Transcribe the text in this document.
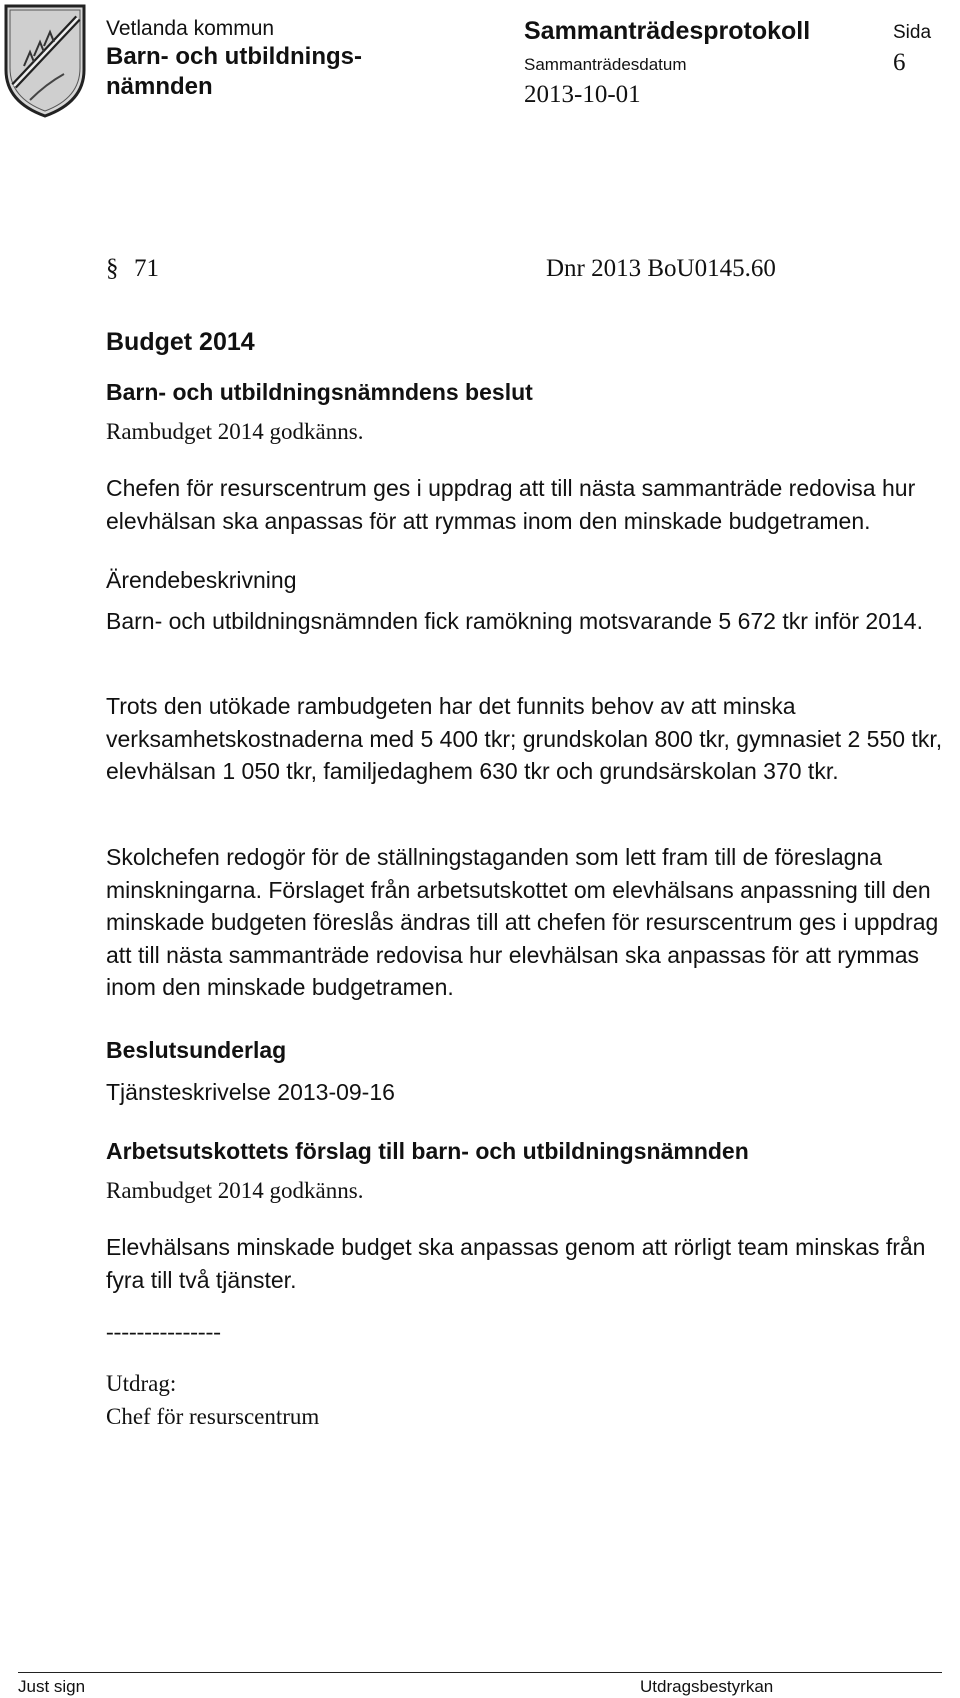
Vetlanda kommun
Barn- och utbildnings-nämnden
Sammanträdesprotokoll	Sida
6
Sammanträdesdatum
2013-10-01
§ 71	Dnr 2013 BoU0145.60
Budget 2014
Barn- och utbildningsnämndens beslut

Rambudget 2014 godkänns.

Chefen för resurscentrum ges i uppdrag att till nästa sammanträde redovisa hur elevhälsan ska anpassas för att rymmas inom den minskade budgetramen.

Ärendebeskrivning

Barn- och utbildningsnämnden fick ramökning motsvarande 5 672 tkr inför 2014.

Trots den utökade rambudgeten har det funnits behov av att minska verksamhetskostnaderna med 5 400 tkr; grundskolan 800 tkr, gymnasiet 2 550 tkr, elevhälsan 1 050 tkr, familjedaghem 630 tkr och grundsärskolan 370 tkr.

Skolchefen redogör för de ställningstaganden som lett fram till de föreslagna minskningarna. Förslaget från arbetsutskottet om elevhälsans anpassning till den minskade budgeten föreslås ändras till att chefen för resurscentrum ges i uppdrag att till nästa sammanträde redovisa hur elevhälsan ska anpassas för att rymmas inom den minskade budgetramen.

Beslutsunderlag
Tjänsteskrivelse 2013-09-16
Arbetsutskottets förslag till barn- och utbildningsnämnden
Rambudget 2014 godkänns.

Elevhälsans minskade budget ska anpassas genom att rörligt team minskas från fyra till två tjänster.

---------------
Utdrag:
Chef för resurscentrum
Just sign	Utdragsbestyrkan
